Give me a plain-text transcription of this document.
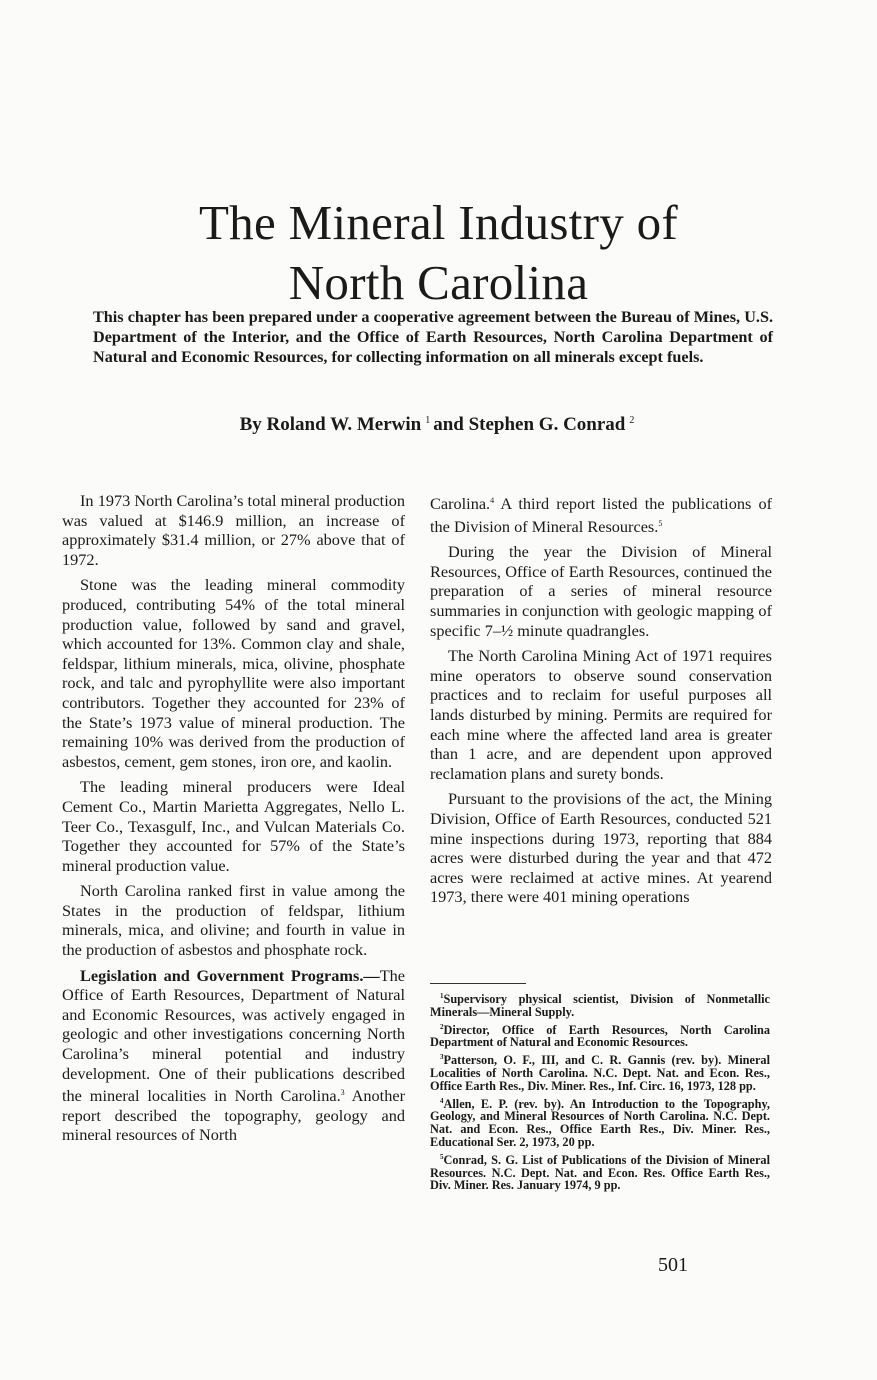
The Mineral Industry of
North Carolina
This chapter has been prepared under a cooperative agreement between the Bureau of Mines, U.S. Department of the Interior, and the Office of Earth Resources, North Carolina Department of Natural and Economic Resources, for collecting information on all minerals except fuels.
By Roland W. Merwin $^1$ and Stephen G. Conrad $^2$

In 1973 North Carolina’s total mineral production was valued at $146.9 million, an increase of approximately $31.4 million, or 27% above that of 1972.

Stone was the leading mineral commodity produced, contributing 54% of the total mineral production value, followed by sand and gravel, which accounted for 13%. Common clay and shale, feldspar, lithium minerals, mica, olivine, phosphate rock, and talc and pyrophyllite were also important contributors. Together they accounted for 23% of the State’s 1973 value of mineral production. The remaining 10% was derived from the production of asbestos, cement, gem stones, iron ore, and kaolin.

The leading mineral producers were Ideal Cement Co., Martin Marietta Aggregates, Nello L. Teer Co., Texasgulf, Inc., and Vulcan Materials Co. Together they accounted for 57% of the State’s mineral production value.

North Carolina ranked first in value among the States in the production of feldspar, lithium minerals, mica, and olivine; and fourth in value in the production of asbestos and phosphate rock.

Legislation and Government Programs.—The Office of Earth Resources, Department of Natural and Economic Resources, was actively engaged in geologic and other investigations concerning North Carolina’s mineral potential and industry development. One of their publications described the mineral localities in North Carolina.$^3$ Another report described the topography, geology and mineral resources of North

Carolina.$^4$ A third report listed the publications of the Division of Mineral Resources.$^5$

During the year the Division of Mineral Resources, Office of Earth Resources, continued the preparation of a series of mineral resource summaries in conjunction with geologic mapping of specific 7–½ minute quadrangles.

The North Carolina Mining Act of 1971 requires mine operators to observe sound conservation practices and to reclaim for useful purposes all lands disturbed by mining. Permits are required for each mine where the affected land area is greater than 1 acre, and are dependent upon approved reclamation plans and surety bonds.

Pursuant to the provisions of the act, the Mining Division, Office of Earth Resources, conducted 521 mine inspections during 1973, reporting that 884 acres were disturbed during the year and that 472 acres were reclaimed at active mines. At yearend 1973, there were 401 mining operations

$^1$Supervisory physical scientist, Division of Nonmetallic Minerals—Mineral Supply.

$^2$Director, Office of Earth Resources, North Carolina Department of Natural and Economic Resources.

$^3$Patterson, O. F., III, and C. R. Gannis (rev. by). Mineral Localities of North Carolina. N.C. Dept. Nat. and Econ. Res., Office Earth Res., Div. Miner. Res., Inf. Circ. 16, 1973, 128 pp.

$^4$Allen, E. P. (rev. by). An Introduction to the Topography, Geology, and Mineral Resources of North Carolina. N.C. Dept. Nat. and Econ. Res., Office Earth Res., Div. Miner. Res., Educational Ser. 2, 1973, 20 pp.

$^5$Conrad, S. G. List of Publications of the Division of Mineral Resources. N.C. Dept. Nat. and Econ. Res. Office Earth Res., Div. Miner. Res. January 1974, 9 pp.

501
